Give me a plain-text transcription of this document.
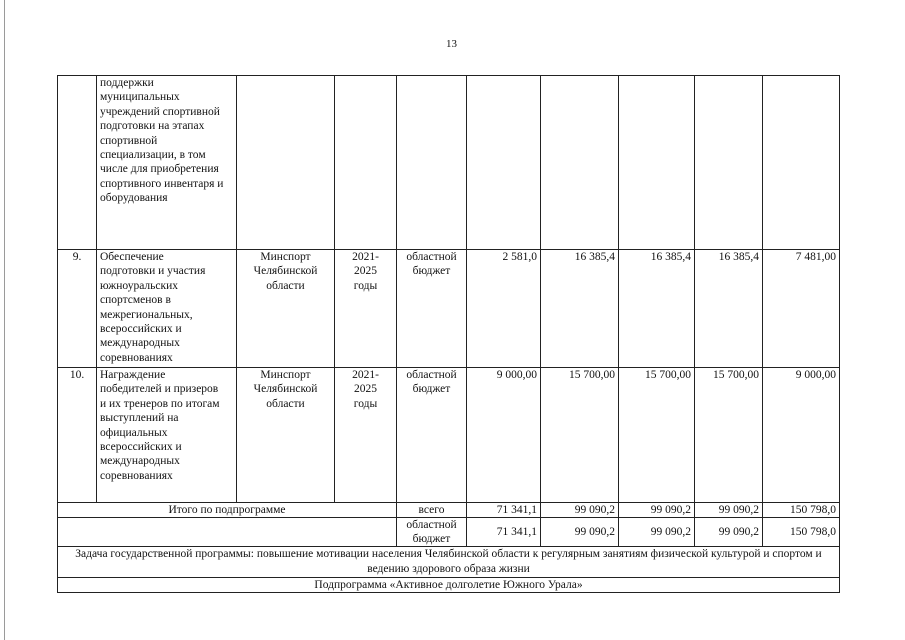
13

	поддержки муниципальных учреждений спортивной подготовки на этапах спортивной специализации, в том числе для приобретения спортивного инвентаря и оборудования								

9.	Обеспечение подготовки и участия южноуральских спортсменов в межрегиональных, всероссийских и международных соревнованиях	Минспорт Челябинской области	2021-2025 годы	областной бюджет	2 581,0	16 385,4	16 385,4	16 385,4	7 481,00
10.	Награждение победителей и призеров и их тренеров по итогам выступлений на официальных всероссийских и международных соревнованиях	Минспорт Челябинской области	2021-2025 годы	областной бюджет	9 000,00	15 700,00	15 700,00	15 700,00	9 000,00
Итого по подпрограмме				всего	71 341,1	99 090,2	99 090,2	99 090,2	150 798,0
				областной бюджет	71 341,1	99 090,2	99 090,2	99 090,2	150 798,0
Задача государственной программы: повышение мотивации населения Челябинской области к регулярным занятиям физической культурой и спортом и ведению здорового образа жизни									
Подпрограмма «Активное долголетие Южного Урала»									
